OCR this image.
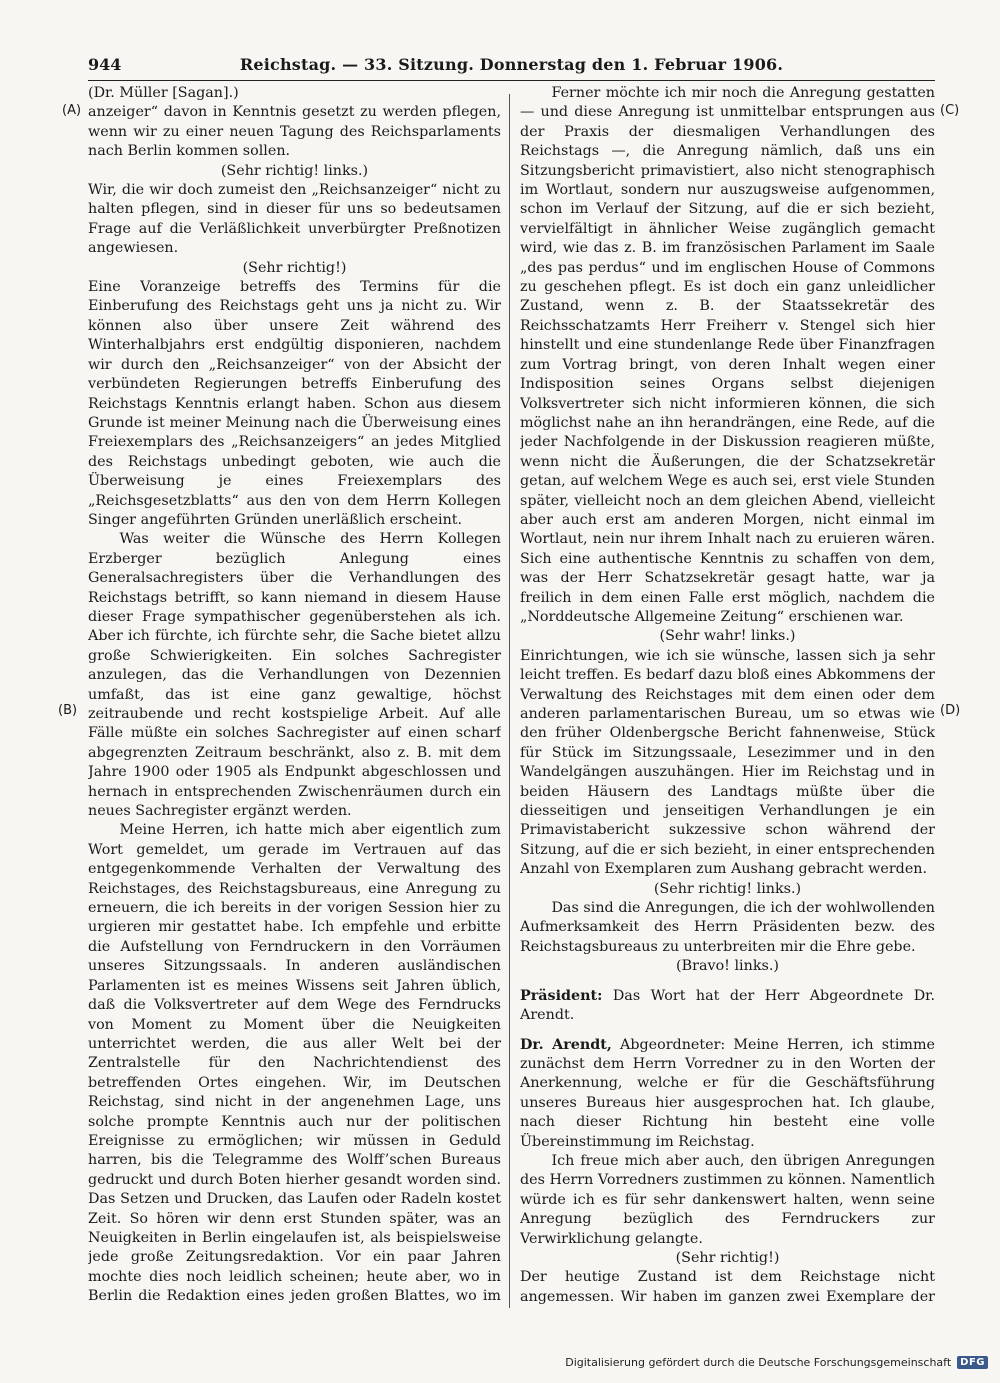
944	Reichstag. — 33. Sitzung. Donnerstag den 1. Februar 1906.

(Dr. Müller [Sagan].)

anzeiger“ davon in Kenntnis gesetzt zu werden pflegen, wenn wir zu einer neuen Tagung des Reichsparlaments nach Berlin kommen sollen.

(Sehr richtig! links.)

Wir, die wir doch zumeist den „Reichsanzeiger“ nicht zu halten pflegen, sind in dieser für uns so bedeutsamen Frage auf die Verläßlichkeit unverbürgter Preßnotizen angewiesen.

(Sehr richtig!)

Eine Voranzeige betreffs des Termins für die Einberufung des Reichstags geht uns ja nicht zu. Wir können also über unsere Zeit während des Winterhalbjahrs erst endgültig disponieren, nachdem wir durch den „Reichsanzeiger“ von der Absicht der verbündeten Regierungen betreffs Einberufung des Reichstags Kenntnis erlangt haben. Schon aus diesem Grunde ist meiner Meinung nach die Überweisung eines Freiexemplars des „Reichsanzeigers“ an jedes Mitglied des Reichstags unbedingt geboten, wie auch die Überweisung je eines Freiexemplars des „Reichsgesetzblatts“ aus den von dem Herrn Kollegen Singer angeführten Gründen unerläßlich erscheint.

Was weiter die Wünsche des Herrn Kollegen Erzberger bezüglich Anlegung eines Generalsachregisters über die Verhandlungen des Reichstags betrifft, so kann niemand in diesem Hause dieser Frage sympathischer gegenüberstehen als ich. Aber ich fürchte, ich fürchte sehr, die Sache bietet allzu große Schwierigkeiten. Ein solches Sachregister anzulegen, das die Verhandlungen von Dezennien umfaßt, das ist eine ganz gewaltige, höchst zeitraubende und recht kostspielige Arbeit. Auf alle Fälle müßte ein solches Sachregister auf einen scharf abgegrenzten Zeitraum beschränkt, also z. B. mit dem Jahre 1900 oder 1905 als Endpunkt abgeschlossen und hernach in entsprechenden Zwischenräumen durch ein neues Sachregister ergänzt werden.

Meine Herren, ich hatte mich aber eigentlich zum Wort gemeldet, um gerade im Vertrauen auf das entgegenkommende Verhalten der Verwaltung des Reichstages, des Reichstagsbureaus, eine Anregung zu erneuern, die ich bereits in der vorigen Session hier zu urgieren mir gestattet habe. Ich empfehle und erbitte die Aufstellung von Ferndruckern in den Vorräumen unseres Sitzungssaals. In anderen ausländischen Parlamenten ist es meines Wissens seit Jahren üblich, daß die Volksvertreter auf dem Wege des Ferndrucks von Moment zu Moment über die Neuigkeiten unterrichtet werden, die aus aller Welt bei der Zentralstelle für den Nachrichtendienst des betreffenden Ortes eingehen. Wir, im Deutschen Reichstag, sind nicht in der angenehmen Lage, uns solche prompte Kenntnis auch nur der politischen Ereignisse zu ermöglichen; wir müssen in Geduld harren, bis die Telegramme des Wolff’schen Bureaus gedruckt und durch Boten hierher gesandt worden sind. Das Setzen und Drucken, das Laufen oder Radeln kostet Zeit. So hören wir denn erst Stunden später, was an Neuigkeiten in Berlin eingelaufen ist, als beispielsweise jede große Zeitungsredaktion. Vor ein paar Jahren mochte dies noch leidlich scheinen; heute aber, wo in Berlin die Redaktion eines jeden großen Blattes, wo im

Ferner möchte ich mir noch die Anregung gestatten — und diese Anregung ist unmittelbar entsprungen aus der Praxis der diesmaligen Verhandlungen des Reichstags —, die Anregung nämlich, daß uns ein Sitzungsbericht primavistiert, also nicht stenographisch im Wortlaut, sondern nur auszugsweise aufgenommen, schon im Verlauf der Sitzung, auf die er sich bezieht, vervielfältigt in ähnlicher Weise zugänglich gemacht wird, wie das z. B. im französischen Parlament im Saale „des pas perdus“ und im englischen House of Commons zu geschehen pflegt. Es ist doch ein ganz unleidlicher Zustand, wenn z. B. der Staatssekretär des Reichsschatzamts Herr Freiherr v. Stengel sich hier hinstellt und eine stundenlange Rede über Finanzfragen zum Vortrag bringt, von deren Inhalt wegen einer Indisposition seines Organs selbst diejenigen Volksvertreter sich nicht informieren können, die sich möglichst nahe an ihn herandrängen, eine Rede, auf die jeder Nachfolgende in der Diskussion reagieren müßte, wenn nicht die Äußerungen, die der Schatzsekretär getan, auf welchem Wege es auch sei, erst viele Stunden später, vielleicht noch an dem gleichen Abend, vielleicht aber auch erst am anderen Morgen, nicht einmal im Wortlaut, nein nur ihrem Inhalt nach zu eruieren wären. Sich eine authentische Kenntnis zu schaffen von dem, was der Herr Schatzsekretär gesagt hatte, war ja freilich in dem einen Falle erst möglich, nachdem die „Norddeutsche Allgemeine Zeitung“ erschienen war.

(Sehr wahr! links.)

Einrichtungen, wie ich sie wünsche, lassen sich ja sehr leicht treffen. Es bedarf dazu bloß eines Abkommens der Verwaltung des Reichstages mit dem einen oder dem anderen parlamentarischen Bureau, um so etwas wie den früher Oldenbergsche Bericht fahnenweise, Stück für Stück im Sitzungssaale, Lesezimmer und in den Wandelgängen auszuhängen. Hier im Reichstag und in beiden Häusern des Landtags müßte über die diesseitigen und jenseitigen Verhandlungen je ein Primavistabericht sukzessive schon während der Sitzung, auf die er sich bezieht, in einer entsprechenden Anzahl von Exemplaren zum Aushang gebracht werden.

(Sehr richtig! links.)

Das sind die Anregungen, die ich der wohlwollenden Aufmerksamkeit des Herrn Präsidenten bezw. des Reichstagsbureaus zu unterbreiten mir die Ehre gebe.

(Bravo! links.)

Präsident: Das Wort hat der Herr Abgeordnete Dr. Arendt.

Dr. Arendt, Abgeordneter: Meine Herren, ich stimme zunächst dem Herrn Vorredner zu in den Worten der Anerkennung, welche er für die Geschäftsführung unseres Bureaus hier ausgesprochen hat. Ich glaube, nach dieser Richtung hin besteht eine volle Übereinstimmung im Reichstag.

Ich freue mich aber auch, den übrigen Anregungen des Herrn Vorredners zustimmen zu können. Namentlich würde ich es für sehr dankenswert halten, wenn seine Anregung bezüglich des Ferndruckers zur Verwirklichung gelangte.

(Sehr richtig!)

Der heutige Zustand ist dem Reichstage nicht angemessen. Wir haben im ganzen zwei Exemplare der

(A)
(B)
(C)
(D)
Digitalisierung gefördert durch die Deutsche Forschungsgemeinschaft DFG
